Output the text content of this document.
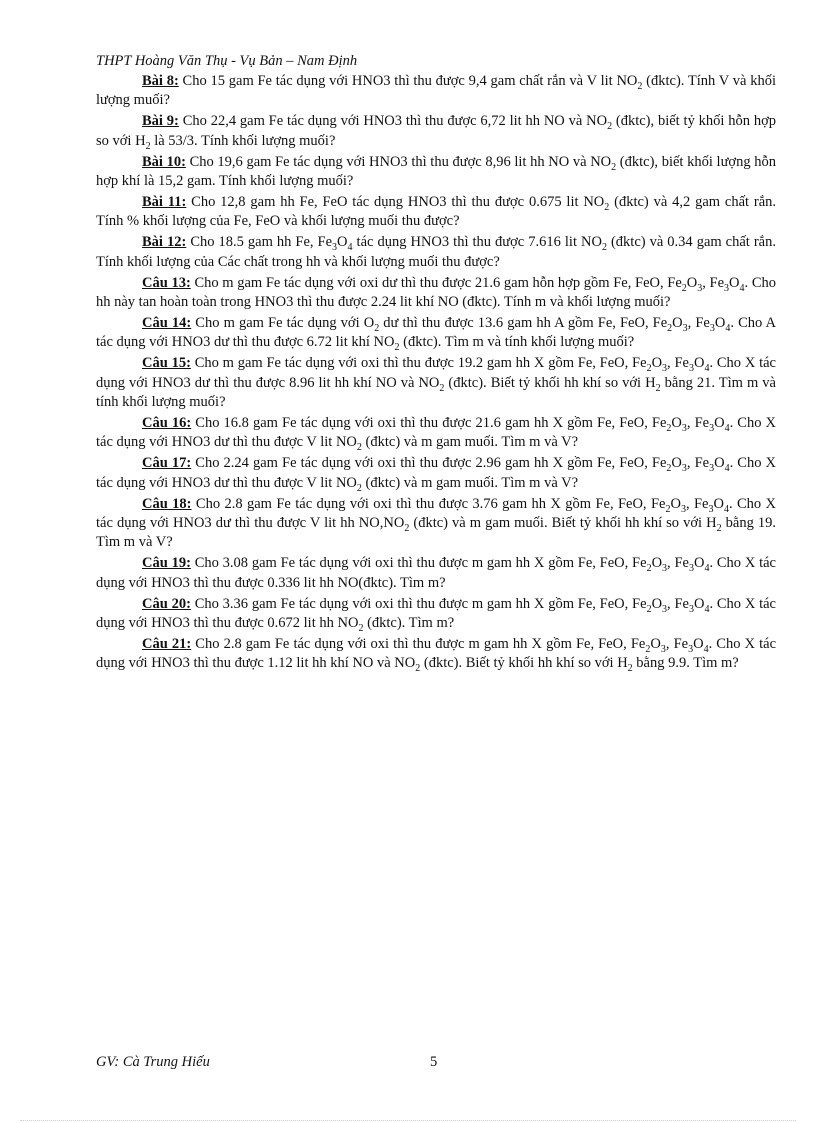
THPT Hoàng Văn Thụ - Vụ Bản – Nam Định

Bài 8: Cho 15 gam Fe tác dụng với HNO3 thì thu được 9,4 gam chất rắn và V lit $NO_2$ (đktc). Tính V và khối lượng muối?

Bài 9: Cho 22,4 gam Fe tác dụng với HNO3 thì thu được 6,72 lit hh NO và $NO_2$ (đktc), biết tỷ khối hỗn hợp so với $H_2$ là 53/3. Tính khối lượng muối?

Bài 10: Cho 19,6 gam Fe tác dụng với HNO3 thì thu được 8,96 lit hh NO và $NO_2$ (đktc), biết khối lượng hỗn hợp khí là 15,2 gam. Tính khối lượng muối?

Bài 11: Cho 12,8 gam hh Fe, FeO tác dụng HNO3 thì thu được 0.675 lit $NO_2$ (đktc) và 4,2 gam chất rắn. Tính % khối lượng của Fe, FeO và khối lượng muối thu được?

Bài 12: Cho 18.5 gam hh Fe, $Fe_3O_4$ tác dụng HNO3 thì thu được 7.616 lit $NO_2$ (đktc) và 0.34 gam chất rắn. Tính khối lượng của Các chất trong hh và khối lượng muối thu được?

Câu 13: Cho m gam Fe tác dụng với oxi dư thì thu được 21.6 gam hỗn hợp gồm Fe, FeO, $Fe_2O_3$, $Fe_3O_4$. Cho hh này tan hoàn toàn trong HNO3 thì thu được 2.24 lit khí NO (đktc). Tính m và khối lượng muối?

Câu 14: Cho m gam Fe tác dụng với $O_2$ dư thì thu được 13.6 gam hh A gồm Fe, FeO, $Fe_2O_3$, $Fe_3O_4$. Cho A tác dụng với HNO3 dư thì thu được 6.72 lit khí $NO_2$ (đktc). Tìm m và tính khối lượng muối?

Câu 15: Cho m gam Fe tác dụng với oxi thì thu được 19.2 gam hh X gồm Fe, FeO, $Fe_2O_3$, $Fe_3O_4$. Cho X tác dụng với HNO3 dư thì thu được 8.96 lit hh khí NO và $NO_2$ (đktc). Biết tỷ khối hh khí so với $H_2$ bằng 21. Tìm m và tính khối lượng muối?

Câu 16: Cho 16.8 gam Fe tác dụng với oxi thì thu được 21.6 gam hh X gồm Fe, FeO, $Fe_2O_3$, $Fe_3O_4$. Cho X tác dụng với HNO3 dư thì thu được V lit $NO_2$ (đktc) và m gam muối. Tìm m và V?

Câu 17: Cho 2.24 gam Fe tác dụng với oxi thì thu được 2.96 gam hh X gồm Fe, FeO, $Fe_2O_3$, $Fe_3O_4$. Cho X tác dụng với HNO3 dư thì thu được V lit $NO_2$ (đktc) và m gam muối. Tìm m và V?

Câu 18: Cho 2.8 gam Fe tác dụng với oxi thì thu được 3.76 gam hh X gồm Fe, FeO, $Fe_2O_3$, $Fe_3O_4$. Cho X tác dụng với HNO3 dư thì thu được V lit hh $NO,NO_2$ (đktc) và m gam muối. Biết tỷ khối hh khí so với $H_2$ bằng 19. Tìm m và V?

Câu 19: Cho 3.08 gam Fe tác dụng với oxi thì thu được m gam hh X gồm Fe, FeO, $Fe_2O_3$, $Fe_3O_4$. Cho X tác dụng với HNO3 thì thu được 0.336 lit hh NO(đktc). Tìm m?

Câu 20: Cho 3.36 gam Fe tác dụng với oxi thì thu được m gam hh X gồm Fe, FeO, $Fe_2O_3$, $Fe_3O_4$. Cho X tác dụng với HNO3 thì thu được 0.672 lit hh $NO_2$ (đktc). Tìm m?

Câu 21: Cho 2.8 gam Fe tác dụng với oxi thì thu được m gam hh X gồm Fe, FeO, $Fe_2O_3$, $Fe_3O_4$. Cho X tác dụng với HNO3 thì thu được 1.12 lit hh khí NO và $NO_2$ (đktc). Biết tỷ khối hh khí so với $H_2$ bằng 9.9. Tìm m?

GV: Cà Trung Hiếu	5
